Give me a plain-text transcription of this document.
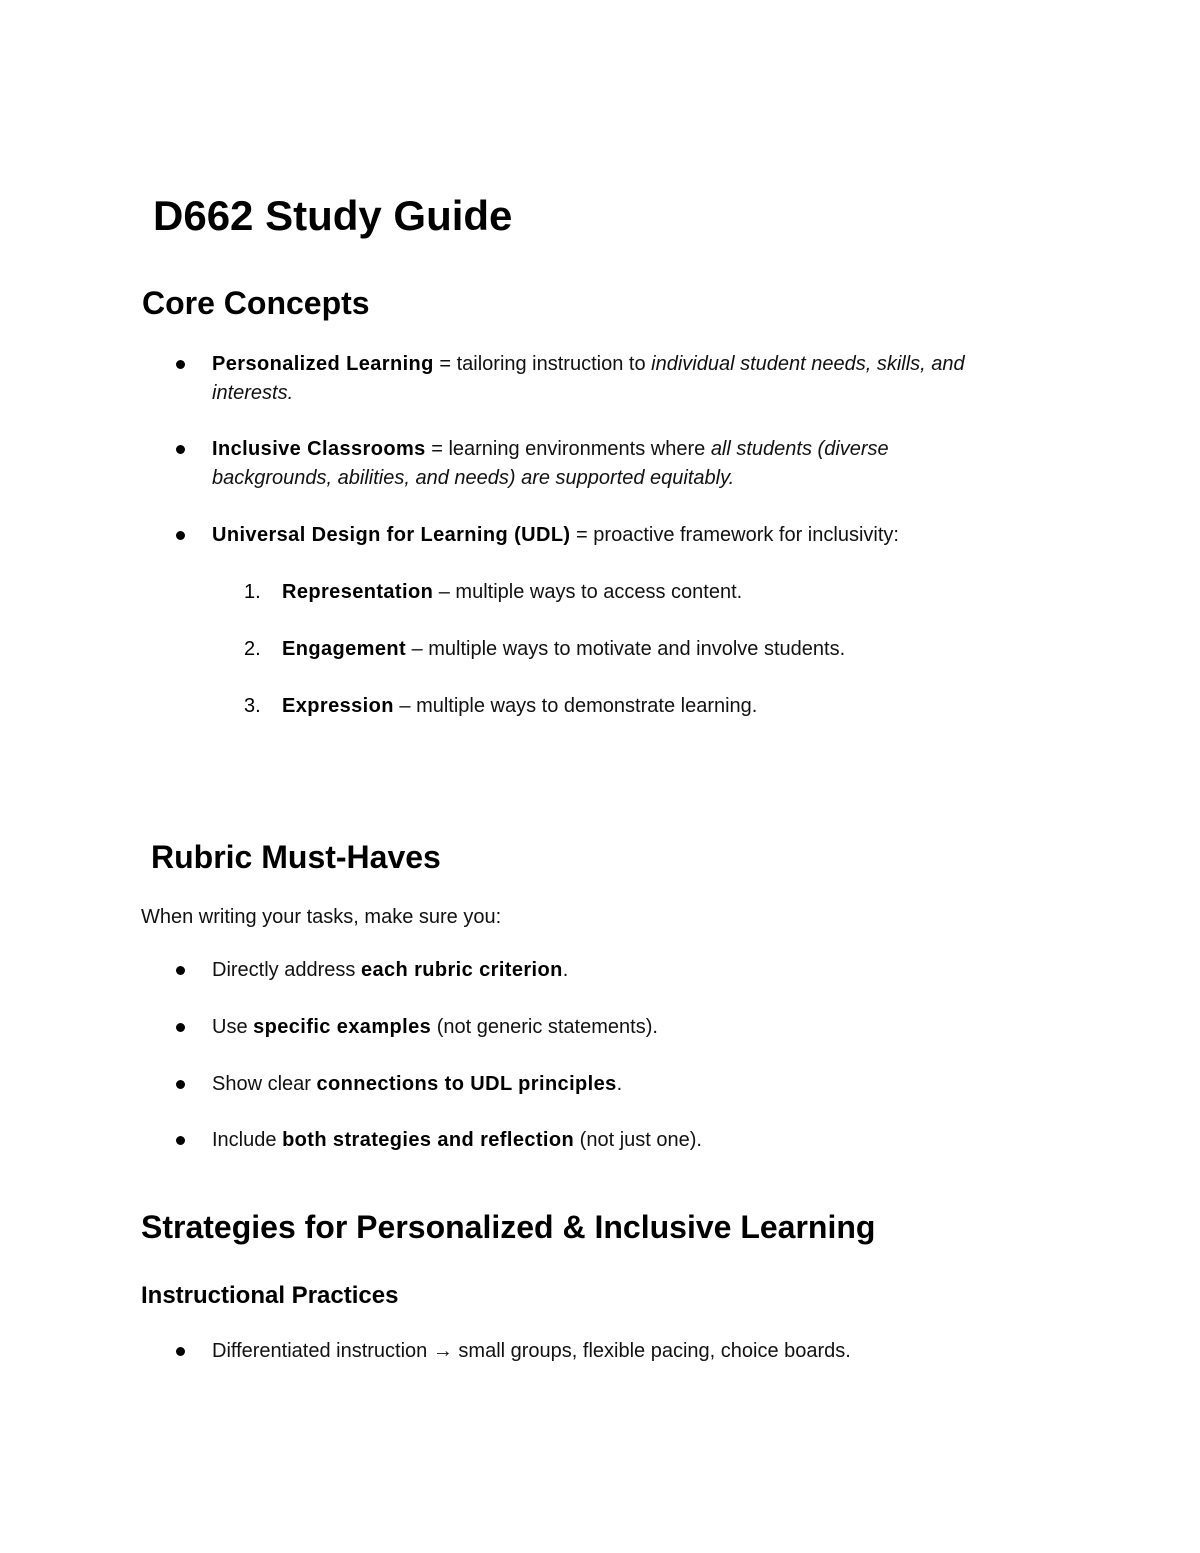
D662 Study Guide
Core Concepts
Personalized Learning = tailoring instruction to individual student needs, skills, and
interests.
Inclusive Classrooms = learning environments where all students (diverse
backgrounds, abilities, and needs) are supported equitably.
Universal Design for Learning (UDL) = proactive framework for inclusivity:
1. Representation – multiple ways to access content.
2. Engagement – multiple ways to motivate and involve students.
3. Expression – multiple ways to demonstrate learning.
Rubric Must-Haves
When writing your tasks, make sure you:
Directly address each rubric criterion.
Use specific examples (not generic statements).
Show clear connections to UDL principles.
Include both strategies and reflection (not just one).
Strategies for Personalized & Inclusive Learning
Instructional Practices
Differentiated instruction → small groups, flexible pacing, choice boards.
